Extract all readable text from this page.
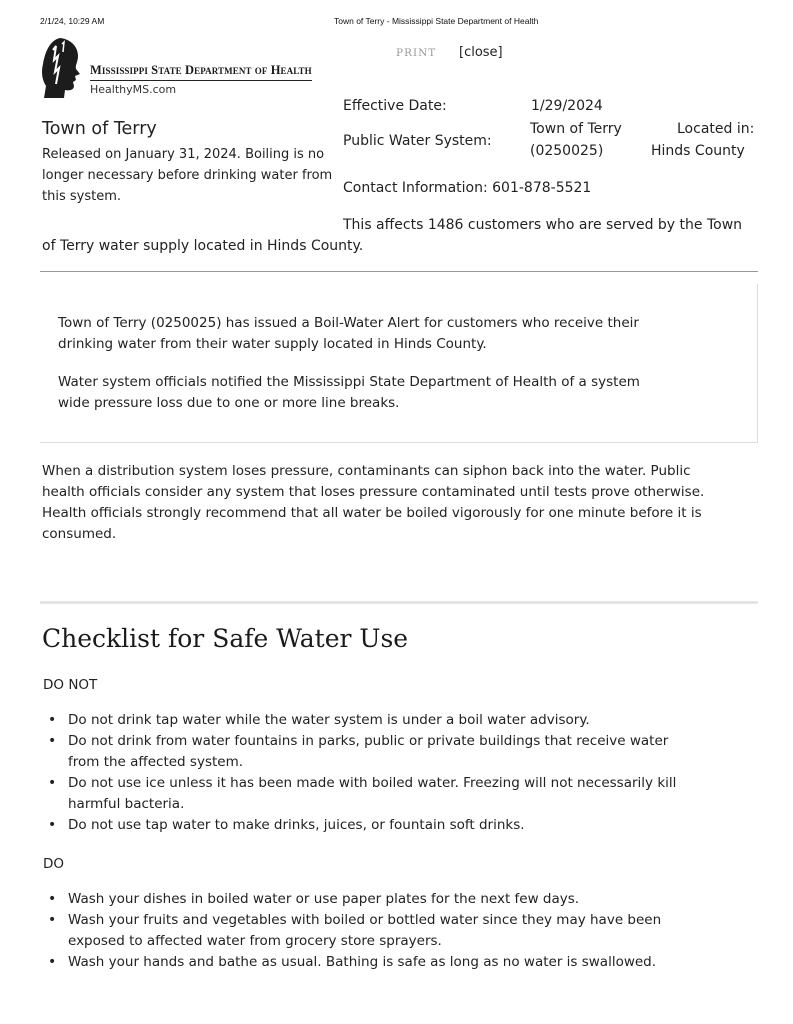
2/1/24, 10:29 AM	Town of Terry - Mississippi State Department of Health
Mississippi State Department of Health
HealthyMS.com
PRINT [close]
Effective Date:	1/29/2024
Town of Terry
Released on January 31, 2024. Boiling is no longer necessary before drinking water from this system.
Public Water System:
Town of Terry
(0250025)
Located in:
Hinds County
Contact Information: 601-878-5521
This affects 1486 customers who are served by the Town
of Terry water supply located in Hinds County.
Town of Terry (0250025) has issued a Boil-Water Alert for customers who receive their
drinking water from their water supply located in Hinds County.
Water system officials notified the Mississippi State Department of Health of a system
wide pressure loss due to one or more line breaks.
When a distribution system loses pressure, contaminants can siphon back into the water. Public
health officials consider any system that loses pressure contaminated until tests prove otherwise.
Health officials strongly recommend that all water be boiled vigorously for one minute before it is
consumed.
Checklist for Safe Water Use
DO NOT
• Do not drink tap water while the water system is under a boil water advisory.
• Do not drink from water fountains in parks, public or private buildings that receive water
from the affected system.
• Do not use ice unless it has been made with boiled water. Freezing will not necessarily kill
harmful bacteria.
• Do not use tap water to make drinks, juices, or fountain soft drinks.
DO
• Wash your dishes in boiled water or use paper plates for the next few days.
• Wash your fruits and vegetables with boiled or bottled water since they may have been
exposed to affected water from grocery store sprayers.
• Wash your hands and bathe as usual. Bathing is safe as long as no water is swallowed.
